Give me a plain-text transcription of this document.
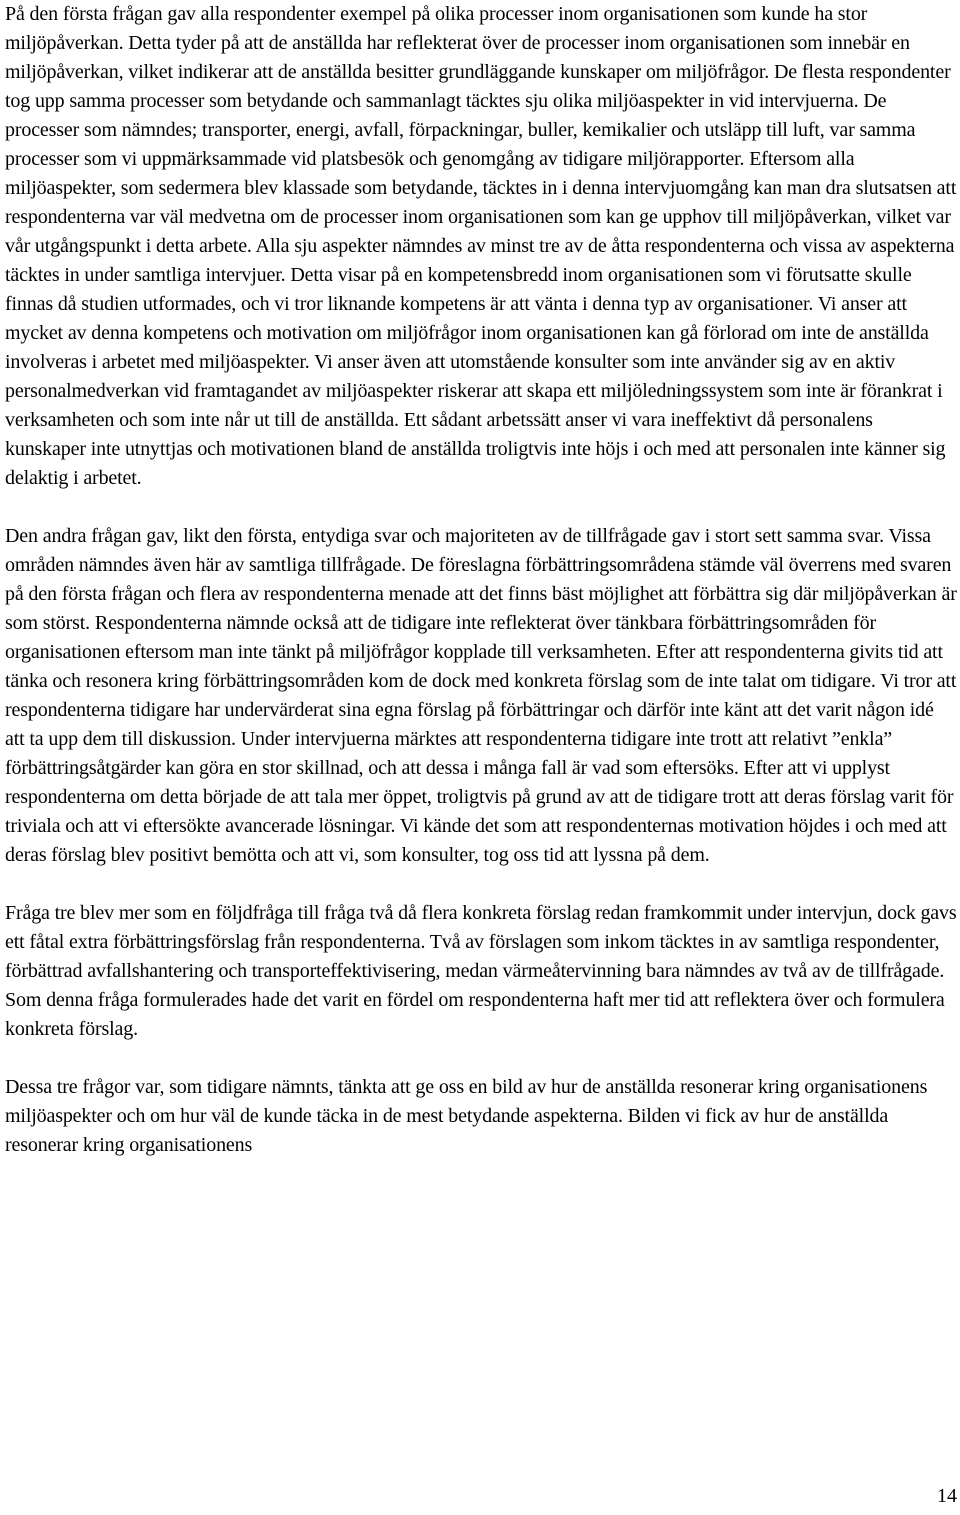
På den första frågan gav alla respondenter exempel på olika processer inom organisationen som kunde ha stor miljöpåverkan. Detta tyder på att de anställda har reflekterat över de processer inom organisationen som innebär en miljöpåverkan, vilket indikerar att de anställda besitter grundläggande kunskaper om miljöfrågor. De flesta respondenter tog upp samma processer som betydande och sammanlagt täcktes sju olika miljöaspekter in vid intervjuerna. De processer som nämndes; transporter, energi, avfall, förpackningar, buller, kemikalier och utsläpp till luft, var samma processer som vi uppmärksammade vid platsbesök och genomgång av tidigare miljörapporter. Eftersom alla miljöaspekter, som sedermera blev klassade som betydande, täcktes in i denna intervjuomgång kan man dra slutsatsen att respondenterna var väl medvetna om de processer inom organisationen som kan ge upphov till miljöpåverkan, vilket var vår utgångspunkt i detta arbete. Alla sju aspekter nämndes av minst tre av de åtta respondenterna och vissa av aspekterna täcktes in under samtliga intervjuer. Detta visar på en kompetensbredd inom organisationen som vi förutsatte skulle finnas då studien utformades, och vi tror liknande kompetens är att vänta i denna typ av organisationer. Vi anser att mycket av denna kompetens och motivation om miljöfrågor inom organisationen kan gå förlorad om inte de anställda involveras i arbetet med miljöaspekter. Vi anser även att utomstående konsulter som inte använder sig av en aktiv personalmedverkan vid framtagandet av miljöaspekter riskerar att skapa ett miljöledningssystem som inte är förankrat i verksamheten och som inte når ut till de anställda. Ett sådant arbetssätt anser vi vara ineffektivt då personalens kunskaper inte utnyttjas och motivationen bland de anställda troligtvis inte höjs i och med att personalen inte känner sig delaktig i arbetet.

Den andra frågan gav, likt den första, entydiga svar och majoriteten av de tillfrågade gav i stort sett samma svar. Vissa områden nämndes även här av samtliga tillfrågade. De föreslagna förbättringsområdena stämde väl överrens med svaren på den första frågan och flera av respondenterna menade att det finns bäst möjlighet att förbättra sig där miljöpåverkan är som störst. Respondenterna nämnde också att de tidigare inte reflekterat över tänkbara förbättringsområden för organisationen eftersom man inte tänkt på miljöfrågor kopplade till verksamheten. Efter att respondenterna givits tid att tänka och resonera kring förbättringsområden kom de dock med konkreta förslag som de inte talat om tidigare. Vi tror att respondenterna tidigare har undervärderat sina egna förslag på förbättringar och därför inte känt att det varit någon idé att ta upp dem till diskussion. Under intervjuerna märktes att respondenterna tidigare inte trott att relativt ”enkla” förbättringsåtgärder kan göra en stor skillnad, och att dessa i många fall är vad som eftersöks. Efter att vi upplyst respondenterna om detta började de att tala mer öppet, troligtvis på grund av att de tidigare trott att deras förslag varit för triviala och att vi eftersökte avancerade lösningar. Vi kände det som att respondenternas motivation höjdes i och med att deras förslag blev positivt bemötta och att vi, som konsulter, tog oss tid att lyssna på dem.

Fråga tre blev mer som en följdfråga till fråga två då flera konkreta förslag redan framkommit under intervjun, dock gavs ett fåtal extra förbättringsförslag från respondenterna. Två av förslagen som inkom täcktes in av samtliga respondenter, förbättrad avfallshantering och transporteffektivisering, medan värmeåtervinning bara nämndes av två av de tillfrågade. Som denna fråga formulerades hade det varit en fördel om respondenterna haft mer tid att reflektera över och formulera konkreta förslag.

Dessa tre frågor var, som tidigare nämnts, tänkta att ge oss en bild av hur de anställda resonerar kring organisationens miljöaspekter och om hur väl de kunde täcka in de mest betydande aspekterna. Bilden vi fick av hur de anställda resonerar kring organisationens

14
